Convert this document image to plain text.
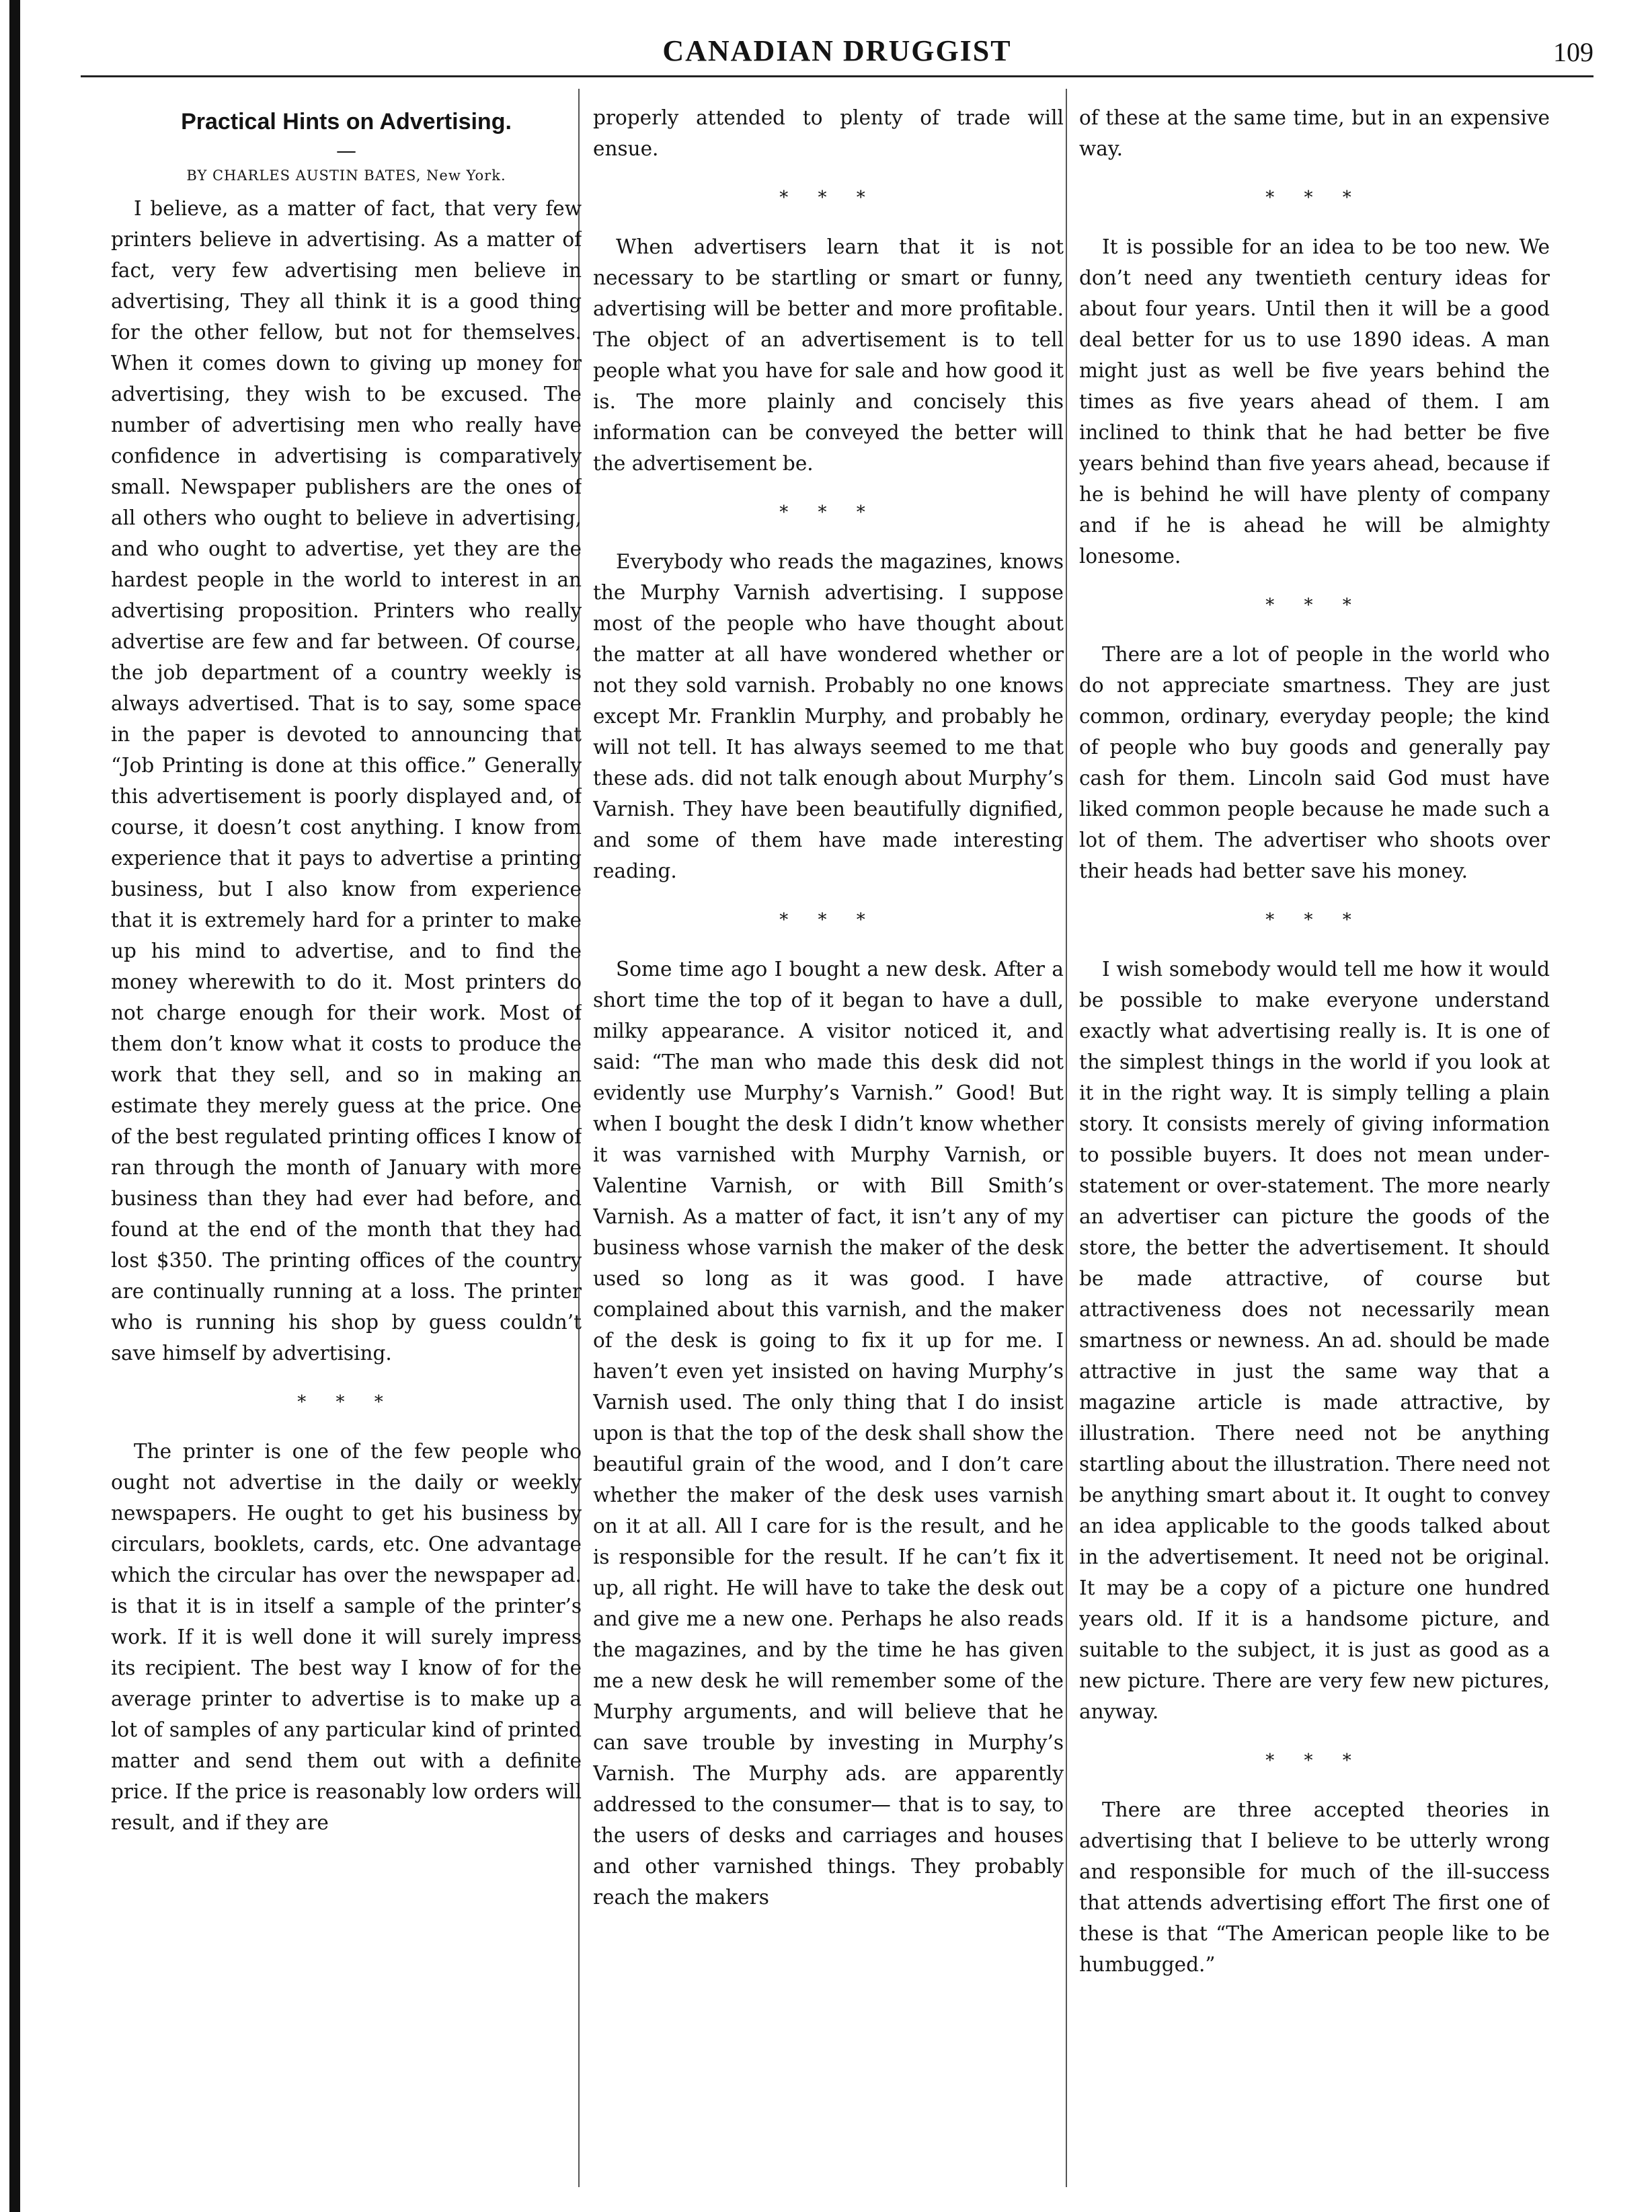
CANADIAN DRUGGIST	109
Practical Hints on Advertising.
—
BY CHARLES AUSTIN BATES, New York.

I believe, as a matter of fact, that very few printers believe in advertising. As a matter of fact, very few advertising men believe in advertising, They all think it is a good thing for the other fellow, but not for themselves. When it comes down to giving up money for advertising, they wish to be excused. The number of advertising men who really have confidence in advertising is comparatively small. Newspaper publishers are the ones of all others who ought to believe in advertising, and who ought to advertise, yet they are the hardest people in the world to interest in an advertising proposition. Printers who really advertise are few and far between. Of course, the job department of a country weekly is always advertised. That is to say, some space in the paper is devoted to announcing that “Job Printing is done at this office.” Generally this advertisement is poorly displayed and, of course, it doesn’t cost anything. I know from experience that it pays to advertise a printing business, but I also know from experience that it is extremely hard for a printer to make up his mind to advertise, and to find the money wherewith to do it. Most printers do not charge enough for their work. Most of them don’t know what it costs to produce the work that they sell, and so in making an estimate they merely guess at the price. One of the best regulated printing offices I know of ran through the month of January with more business than they had ever had before, and found at the end of the month that they had lost $350. The printing offices of the country are continually running at a loss. The printer who is running his shop by guess couldn’t save himself by advertising.

* * *

The printer is one of the few people who ought not advertise in the daily or weekly newspapers. He ought to get his business by circulars, booklets, cards, etc. One advantage which the circular has over the newspaper ad. is that it is in itself a sample of the printer’s work. If it is well done it will surely impress its recipient. The best way I know of for the average printer to advertise is to make up a lot of samples of any particular kind of printed matter and send them out with a definite price. If the price is reasonably low orders will result, and if they are

properly attended to plenty of trade will ensue.

* * *

When advertisers learn that it is not necessary to be startling or smart or funny, advertising will be better and more profitable. The object of an advertisement is to tell people what you have for sale and how good it is. The more plainly and concisely this information can be conveyed the better will the advertisement be.

* * *

Everybody who reads the magazines, knows the Murphy Varnish advertising. I suppose most of the people who have thought about the matter at all have wondered whether or not they sold varnish. Probably no one knows except Mr. Franklin Murphy, and probably he will not tell. It has always seemed to me that these ads. did not talk enough about Murphy’s Varnish. They have been beautifully dignified, and some of them have made interesting reading.

* * *

Some time ago I bought a new desk. After a short time the top of it began to have a dull, milky appearance. A visitor noticed it, and said: “The man who made this desk did not evidently use Murphy’s Varnish.” Good! But when I bought the desk I didn’t know whether it was varnished with Murphy Varnish, or Valentine Varnish, or with Bill Smith’s Varnish. As a matter of fact, it isn’t any of my business whose varnish the maker of the desk used so long as it was good. I have complained about this varnish, and the maker of the desk is going to fix it up for me. I haven’t even yet insisted on having Murphy’s Varnish used. The only thing that I do insist upon is that the top of the desk shall show the beautiful grain of the wood, and I don’t care whether the maker of the desk uses varnish on it at all. All I care for is the result, and he is responsible for the result. If he can’t fix it up, all right. He will have to take the desk out and give me a new one. Perhaps he also reads the magazines, and by the time he has given me a new desk he will remember some of the Murphy arguments, and will believe that he can save trouble by investing in Murphy’s Varnish. The Murphy ads. are apparently addressed to the consumer— that is to say, to the users of desks and carriages and houses and other varnished things. They probably reach the makers

of these at the same time, but in an expensive way.

* * *

It is possible for an idea to be too new. We don’t need any twentieth century ideas for about four years. Until then it will be a good deal better for us to use 1890 ideas. A man might just as well be five years behind the times as five years ahead of them. I am inclined to think that he had better be five years behind than five years ahead, because if he is behind he will have plenty of company and if he is ahead he will be almighty lonesome.

* * *

There are a lot of people in the world who do not appreciate smartness. They are just common, ordinary, everyday people; the kind of people who buy goods and generally pay cash for them. Lincoln said God must have liked common people because he made such a lot of them. The advertiser who shoots over their heads had better save his money.

* * *

I wish somebody would tell me how it would be possible to make everyone understand exactly what advertising really is. It is one of the simplest things in the world if you look at it in the right way. It is simply telling a plain story. It consists merely of giving information to possible buyers. It does not mean under-statement or over-statement. The more nearly an advertiser can picture the goods of the store, the better the advertisement. It should be made attractive, of course but attractiveness does not necessarily mean smartness or newness. An ad. should be made attractive in just the same way that a magazine article is made attractive, by illustration. There need not be anything startling about the illustration. There need not be anything smart about it. It ought to convey an idea applicable to the goods talked about in the advertisement. It need not be original. It may be a copy of a picture one hundred years old. If it is a handsome picture, and suitable to the subject, it is just as good as a new picture. There are very few new pictures, anyway.

* * *

There are three accepted theories in advertising that I believe to be utterly wrong and responsible for much of the ill-success that attends advertising effort The first one of these is that “The American people like to be humbugged.”
